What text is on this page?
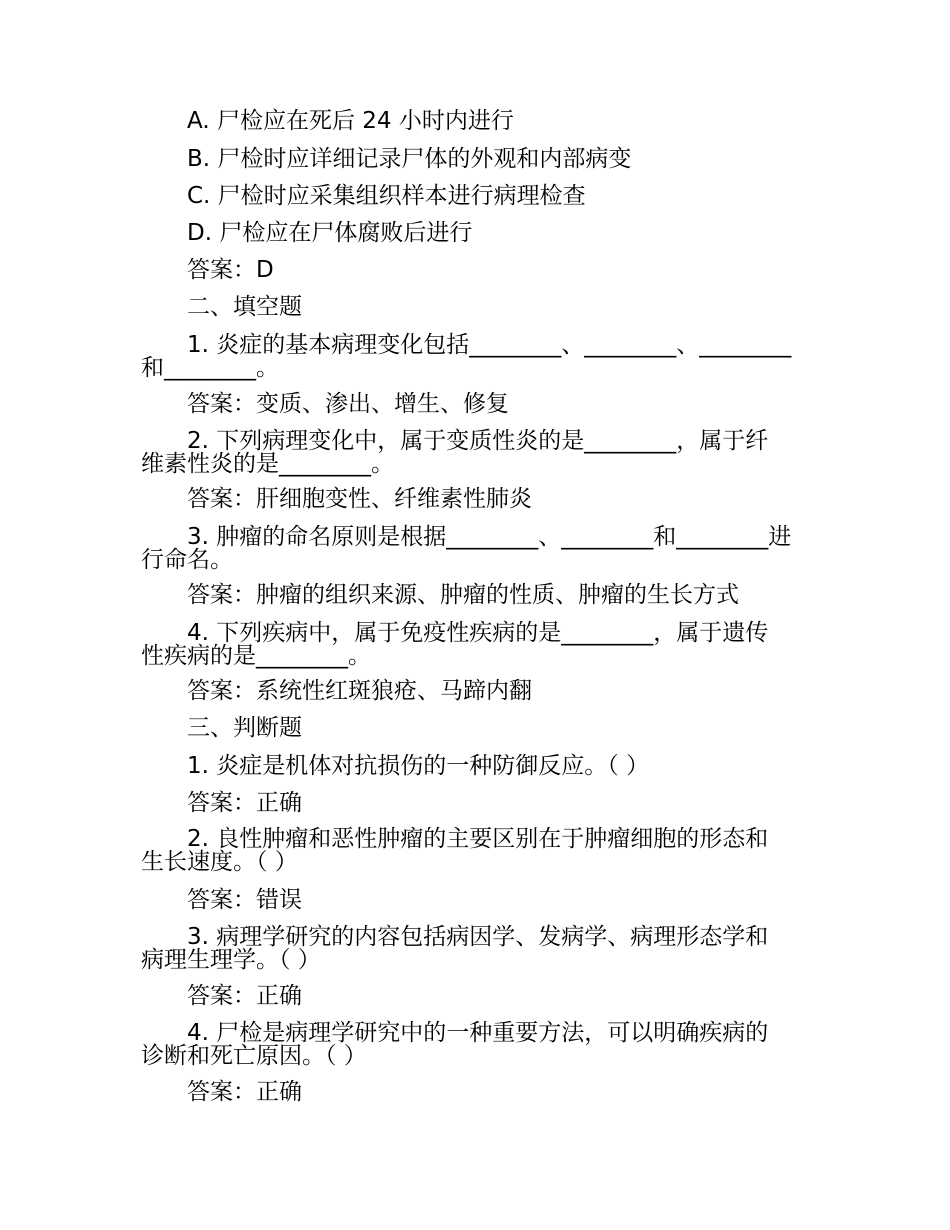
A. 尸检应在死后 24 小时内进行
B. 尸检时应详细记录尸体的外观和内部病变
C. 尸检时应采集组织样本进行病理检查
D. 尸检应在尸体腐败后进行
答案：D
二、填空题
1. 炎症的基本病理变化包括________、________、________
和________。
答案：变质、渗出、增生、修复
2. 下列病理变化中，属于变质性炎的是________，属于纤
维素性炎的是________。
答案：肝细胞变性、纤维素性肺炎
3. 肿瘤的命名原则是根据________、________和________进
行命名。
答案：肿瘤的组织来源、肿瘤的性质、肿瘤的生长方式
4. 下列疾病中，属于免疫性疾病的是________，属于遗传
性疾病的是________。
答案：系统性红斑狼疮、马蹄内翻
三、判断题
1. 炎症是机体对抗损伤的一种防御反应。（ ）
答案：正确
2. 良性肿瘤和恶性肿瘤的主要区别在于肿瘤细胞的形态和
生长速度。（ ）
答案：错误
3. 病理学研究的内容包括病因学、发病学、病理形态学和
病理生理学。（ ）
答案：正确
4. 尸检是病理学研究中的一种重要方法，可以明确疾病的
诊断和死亡原因。（ ）
答案：正确
